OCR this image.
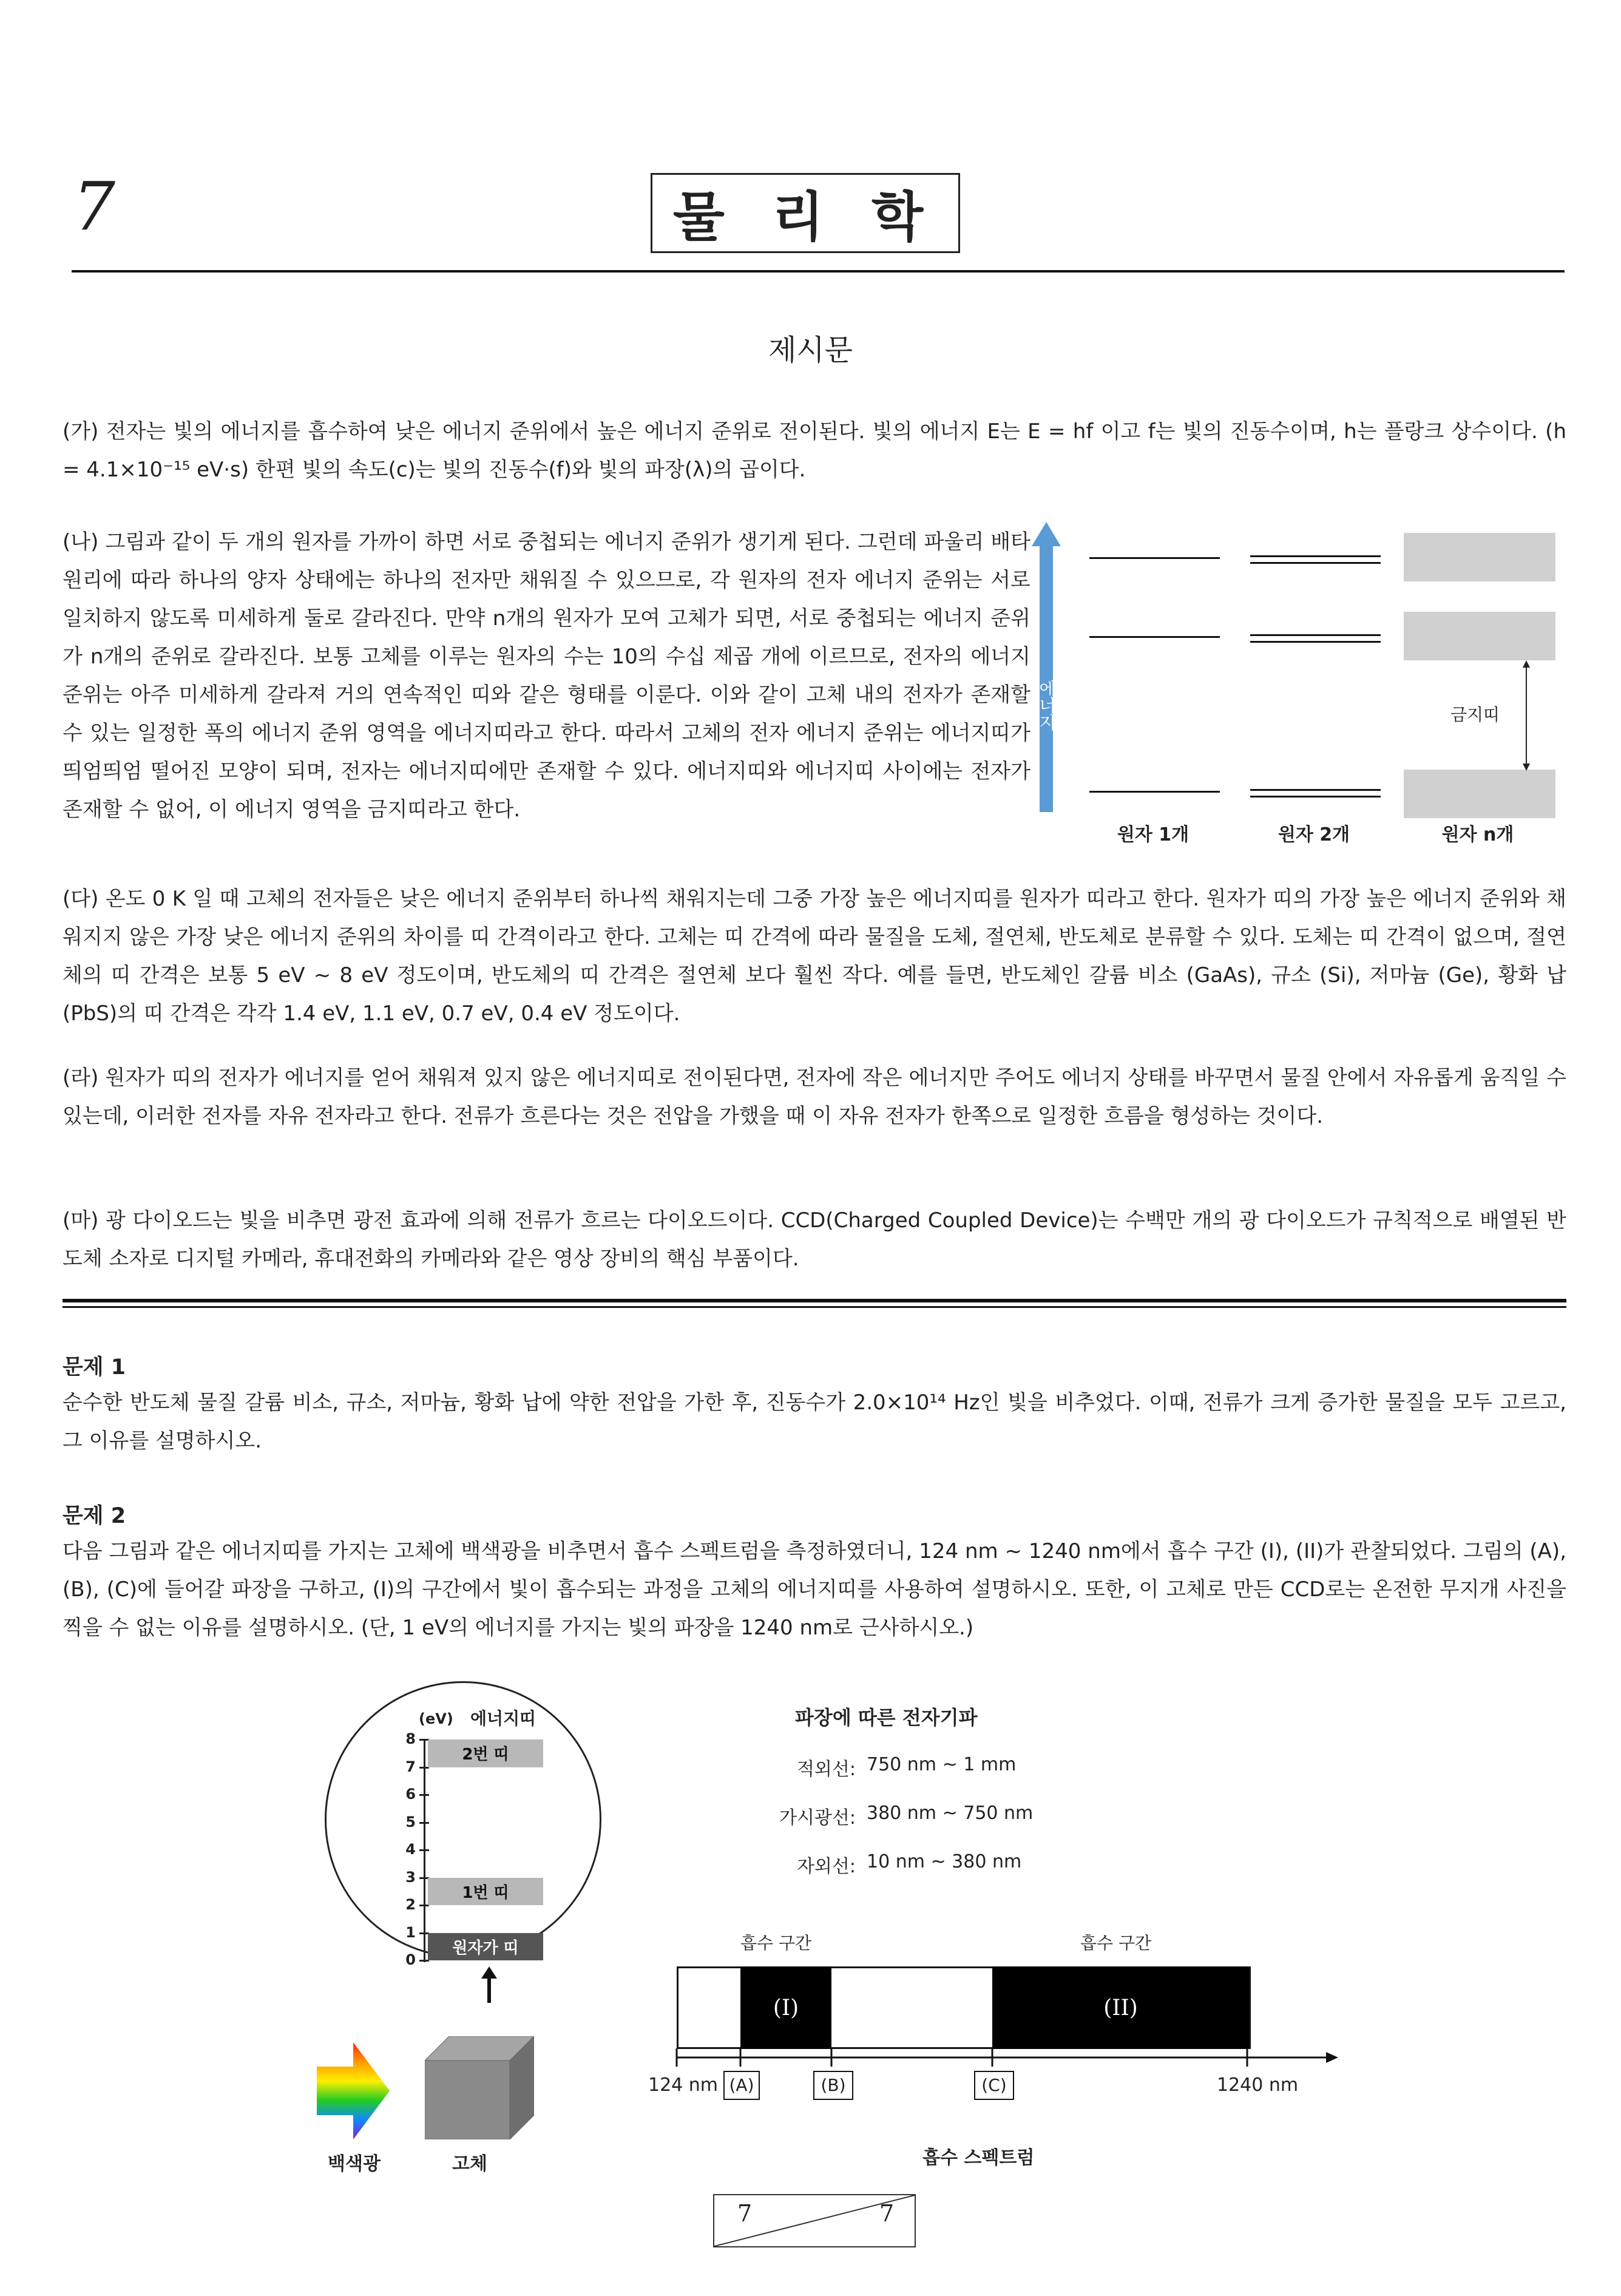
7	물 리 학
제시문

(가) 전자는 빛의 에너지를 흡수하여 낮은 에너지 준위에서 높은 에너지 준위로 전이된다. 빛의 에너지 E는 E = hf 이고 f는 빛의 진동수이며, h는 플랑크 상수이다. (h = 4.1×10⁻¹⁵ eV·s) 한편 빛의 속도(c)는 빛의 진동수(f)와 빛의 파장(λ)의 곱이다.

(나) 그림과 같이 두 개의 원자를 가까이 하면 서로 중첩되는 에너지 준위가 생기게 된다. 그런데 파울리 배타 원리에 따라 하나의 양자 상태에는 하나의 전자만 채워질 수 있으므로, 각 원자의 전자 에너지 준위는 서로 일치하지 않도록 미세하게 둘로 갈라진다. 만약 n개의 원자가 모여 고체가 되면, 서로 중첩되는 에너지 준위가 n개의 준위로 갈라진다. 보통 고체를 이루는 원자의 수는 10의 수십 제곱 개에 이르므로, 전자의 에너지 준위는 아주 미세하게 갈라져 거의 연속적인 띠와 같은 형태를 이룬다. 이와 같이 고체 내의 전자가 존재할 수 있는 일정한 폭의 에너지 준위 영역을 에너지띠라고 한다. 따라서 고체의 전자 에너지 준위는 에너지띠가 띄엄띄엄 떨어진 모양이 되며, 전자는 에너지띠에만 존재할 수 있다. 에너지띠와 에너지띠 사이에는 전자가 존재할 수 없어, 이 에너지 영역을 금지띠라고 한다.

에너지	금지띠
원자 1개	원자 2개	원자 n개

(다) 온도 0 K 일 때 고체의 전자들은 낮은 에너지 준위부터 하나씩 채워지는데 그중 가장 높은 에너지띠를 원자가 띠라고 한다. 원자가 띠의 가장 높은 에너지 준위와 채워지지 않은 가장 낮은 에너지 준위의 차이를 띠 간격이라고 한다. 고체는 띠 간격에 따라 물질을 도체, 절연체, 반도체로 분류할 수 있다. 도체는 띠 간격이 없으며, 절연체의 띠 간격은 보통 5 eV ~ 8 eV 정도이며, 반도체의 띠 간격은 절연체 보다 훨씬 작다. 예를 들면, 반도체인 갈륨 비소 (GaAs), 규소 (Si), 저마늄 (Ge), 황화 납 (PbS)의 띠 간격은 각각 1.4 eV, 1.1 eV, 0.7 eV, 0.4 eV 정도이다.

(라) 원자가 띠의 전자가 에너지를 얻어 채워져 있지 않은 에너지띠로 전이된다면, 전자에 작은 에너지만 주어도 에너지 상태를 바꾸면서 물질 안에서 자유롭게 움직일 수 있는데, 이러한 전자를 자유 전자라고 한다. 전류가 흐른다는 것은 전압을 가했을 때 이 자유 전자가 한쪽으로 일정한 흐름을 형성하는 것이다.

(마) 광 다이오드는 빛을 비추면 광전 효과에 의해 전류가 흐르는 다이오드이다. CCD(Charged Coupled Device)는 수백만 개의 광 다이오드가 규칙적으로 배열된 반도체 소자로 디지털 카메라, 휴대전화의 카메라와 같은 영상 장비의 핵심 부품이다.

문제 1

순수한 반도체 물질 갈륨 비소, 규소, 저마늄, 황화 납에 약한 전압을 가한 후, 진동수가 2.0×10¹⁴ Hz인 빛을 비추었다. 이때, 전류가 크게 증가한 물질을 모두 고르고, 그 이유를 설명하시오.

문제 2

다음 그림과 같은 에너지띠를 가지는 고체에 백색광을 비추면서 흡수 스펙트럼을 측정하였더니, 124 nm ~ 1240 nm에서 흡수 구간 (I), (II)가 관찰되었다. 그림의 (A), (B), (C)에 들어갈 파장을 구하고, (I)의 구간에서 빛이 흡수되는 과정을 고체의 에너지띠를 사용하여 설명하시오. 또한, 이 고체로 만든 CCD로는 온전한 무지개 사진을 찍을 수 없는 이유를 설명하시오. (단, 1 eV의 에너지를 가지는 빛의 파장을 1240 nm로 근사하시오.)

(eV) 에너지띠
0
1
2
3
4
5
6
7
8
2번 띠
1번 띠
원자가 띠
백색광	고체
파장에 따른 전자기파
적외선: 750 nm ~ 1 mm
가시광선: 380 nm ~ 750 nm
자외선: 10 nm ~ 380 nm
흡수 구간	흡수 구간
(I)	(II)
124 nm (A)	(B)	(C)	1240 nm
흡수 스펙트럼
7	7
